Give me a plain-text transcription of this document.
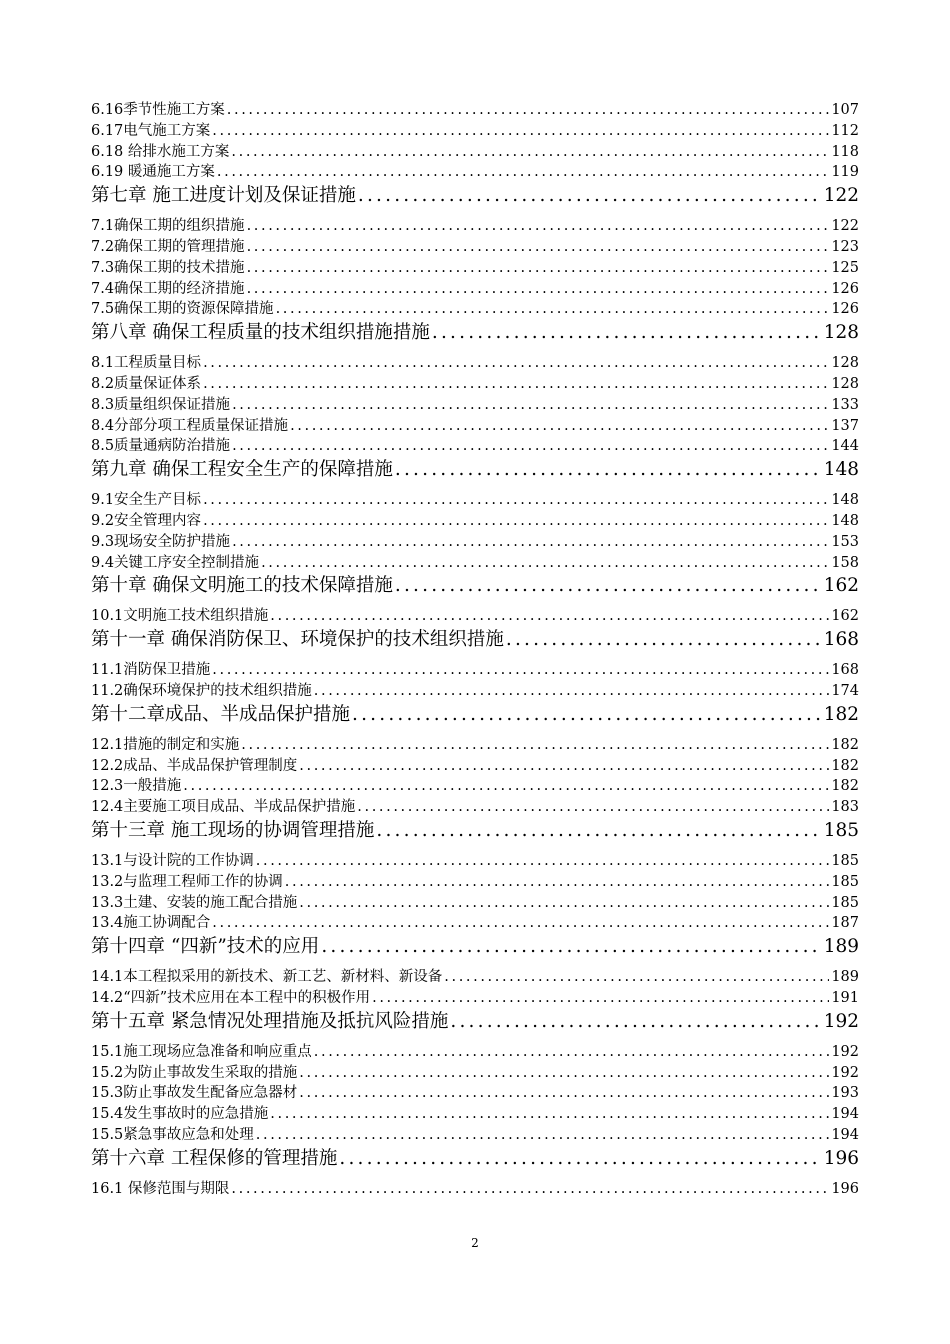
6.16季节性施工方案 .....	107
6.17电气施工方案 .....	112
6.18 给排水施工方案 .....	118
6.19 暖通施工方案 .....	119
第七章 施工进度计划及保证措施 .....	122
7.1确保工期的组织措施 .....	122
7.2确保工期的管理措施 .....	123
7.3确保工期的技术措施 .....	125
7.4确保工期的经济措施 .....	126
7.5确保工期的资源保障措施 .....	126
第八章 确保工程质量的技术组织措施措施 .....	128
8.1工程质量目标 .....	128
8.2质量保证体系 .....	128
8.3质量组织保证措施 .....	133
8.4分部分项工程质量保证措施 .....	137
8.5质量通病防治措施 .....	144
第九章 确保工程安全生产的保障措施 .....	148
9.1安全生产目标 .....	148
9.2安全管理内容 .....	148
9.3现场安全防护措施 .....	153
9.4关键工序安全控制措施 .....	158
第十章 确保文明施工的技术保障措施 .....	162
10.1文明施工技术组织措施 .....	162
第十一章 确保消防保卫、环境保护的技术组织措施 .....	168
11.1消防保卫措施 .....	168
11.2确保环境保护的技术组织措施 .....	174
第十二章成品、半成品保护措施 .....	182
12.1措施的制定和实施 .....	182
12.2成品、半成品保护管理制度 .....	182
12.3一般措施 .....	182
12.4主要施工项目成品、半成品保护措施 .....	183
第十三章 施工现场的协调管理措施 .....	185
13.1与设计院的工作协调 .....	185
13.2与监理工程师工作的协调 .....	185
13.3土建、安装的施工配合措施 .....	185
13.4施工协调配合 .....	187
第十四章 “四新”技术的应用 .....	189
14.1本工程拟采用的新技术、新工艺、新材料、新设备 .....	189
14.2“四新”技术应用在本工程中的积极作用 .....	191
第十五章 紧急情况处理措施及抵抗风险措施 .....	192
15.1施工现场应急准备和响应重点 .....	192
15.2为防止事故发生采取的措施 .....	192
15.3防止事故发生配备应急器材 .....	193
15.4发生事故时的应急措施 .....	194
15.5紧急事故应急和处理 .....	194
第十六章 工程保修的管理措施 .....	196
16.1 保修范围与期限 .....	196
2
